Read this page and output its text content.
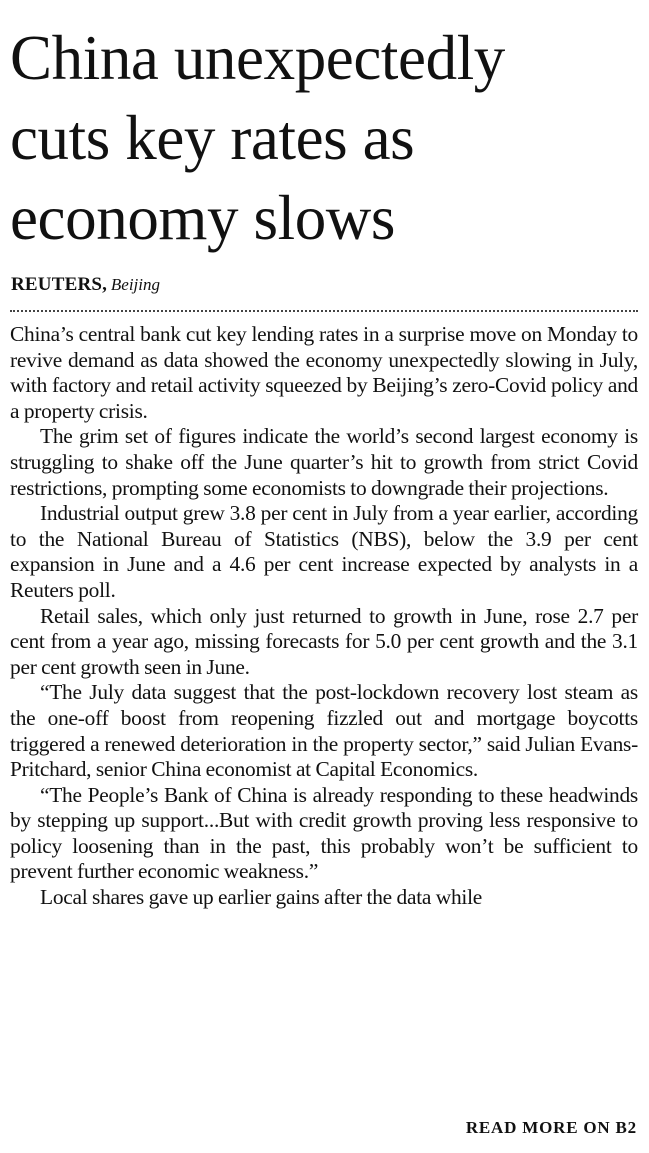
China unexpectedly
cuts key rates as
economy slows
REUTERS, Beijing

China’s central bank cut key lending rates in a surprise move on Monday to revive demand as data showed the economy unexpectedly slowing in July, with factory and retail activity squeezed by Beijing’s zero-Covid policy and a property crisis.

The grim set of figures indicate the world’s second largest economy is struggling to shake off the June quarter’s hit to growth from strict Covid restrictions, prompting some economists to downgrade their projections.

Industrial output grew 3.8 per cent in July from a year earlier, according to the National Bureau of Statistics (NBS), below the 3.9 per cent expansion in June and a 4.6 per cent increase expected by analysts in a Reuters poll.

Retail sales, which only just returned to growth in June, rose 2.7 per cent from a year ago, missing forecasts for 5.0 per cent growth and the 3.1 per cent growth seen in June.

“The July data suggest that the post-lockdown recovery lost steam as the one-off boost from reopening fizzled out and mortgage boycotts triggered a renewed deterioration in the property sector,” said Julian Evans-Pritchard, senior China economist at Capital Economics.

“The People’s Bank of China is already responding to these headwinds by stepping up support...But with credit growth proving less responsive to policy loosening than in the past, this probably won’t be sufficient to prevent further economic weakness.”

Local shares gave up earlier gains after the data while

READ MORE ON B2
